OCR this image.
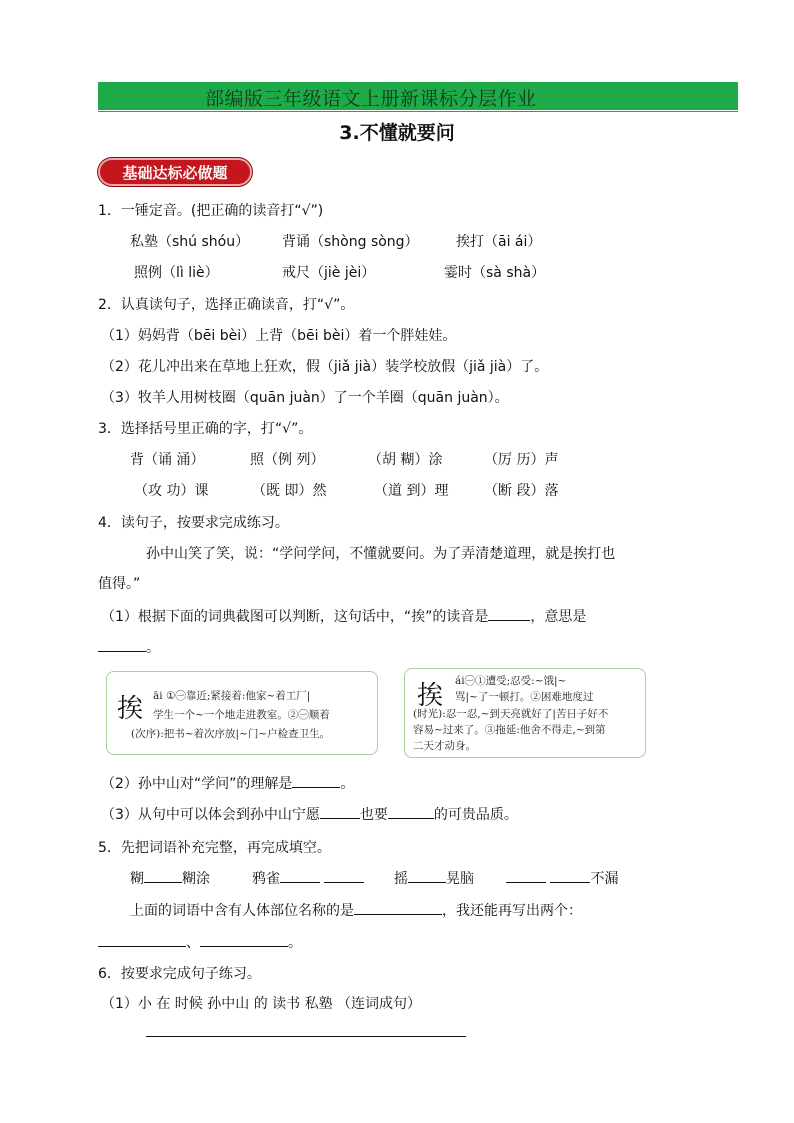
部编版三年级语文上册新课标分层作业
3.不懂就要问
基础达标必做题
1．一锤定音。(把正确的读音打“√”)
私塾（shú shóu） 背诵（shòng sòng）	挨打（āi ái）
照例（lì liè）	戒尺（jiè jèi）	霎时（sà shà）
2．认真读句子，选择正确读音，打“√”。
（1）妈妈背（bēi bèi）上背（bēi bèi）着一个胖娃娃。
（2）花儿冲出来在草地上狂欢，假（jiǎ jià）装学校放假（jiǎ jià）了。
（3）牧羊人用树枝圈（quān juàn）了一个羊圈（quān juàn）。
3．选择括号里正确的字，打“√”。
背（诵 涌）	照（例 列）	（胡 糊）涂	（厉 历）声
（攻 功）课	（既 即）然	（道 到）理	（断 段）落
4．读句子，按要求完成练习。
孙中山笑了笑，说：“学问学问，不懂就要问。为了弄清楚道理，就是挨打也
值得。”
（1）根据下面的词典截图可以判断，这句话中，“挨”的读音是	，意思是
。
挨 āi ①㊀靠近;紧接着:他家~着工厂|
学生一个~一个地走进教室。②㊀顺着
(次序):把书~着次序放|~门~户检查卫生。
挨 ái㊀①遭受;忍受:~饿|~
骂|~了一顿打。②困难地度过
(时光):忍一忍,~到天亮就好了|苦日子好不
容易~过来了。③拖延:他舍不得走,~到第
二天才动身。
（2）孙中山对“学问”的理解是	。
（3）从句中可以体会到孙中山宁愿	也要	的可贵品质。
5．先把词语补充完整，再完成填空。
糊	糊涂	鸦雀	摇	晃脑	不漏
上面的词语中含有人体部位名称的是	，我还能再写出两个：
、	。
6．按要求完成句子练习。
（1）小 在 时候 孙中山 的 读书 私塾 （连词成句）
